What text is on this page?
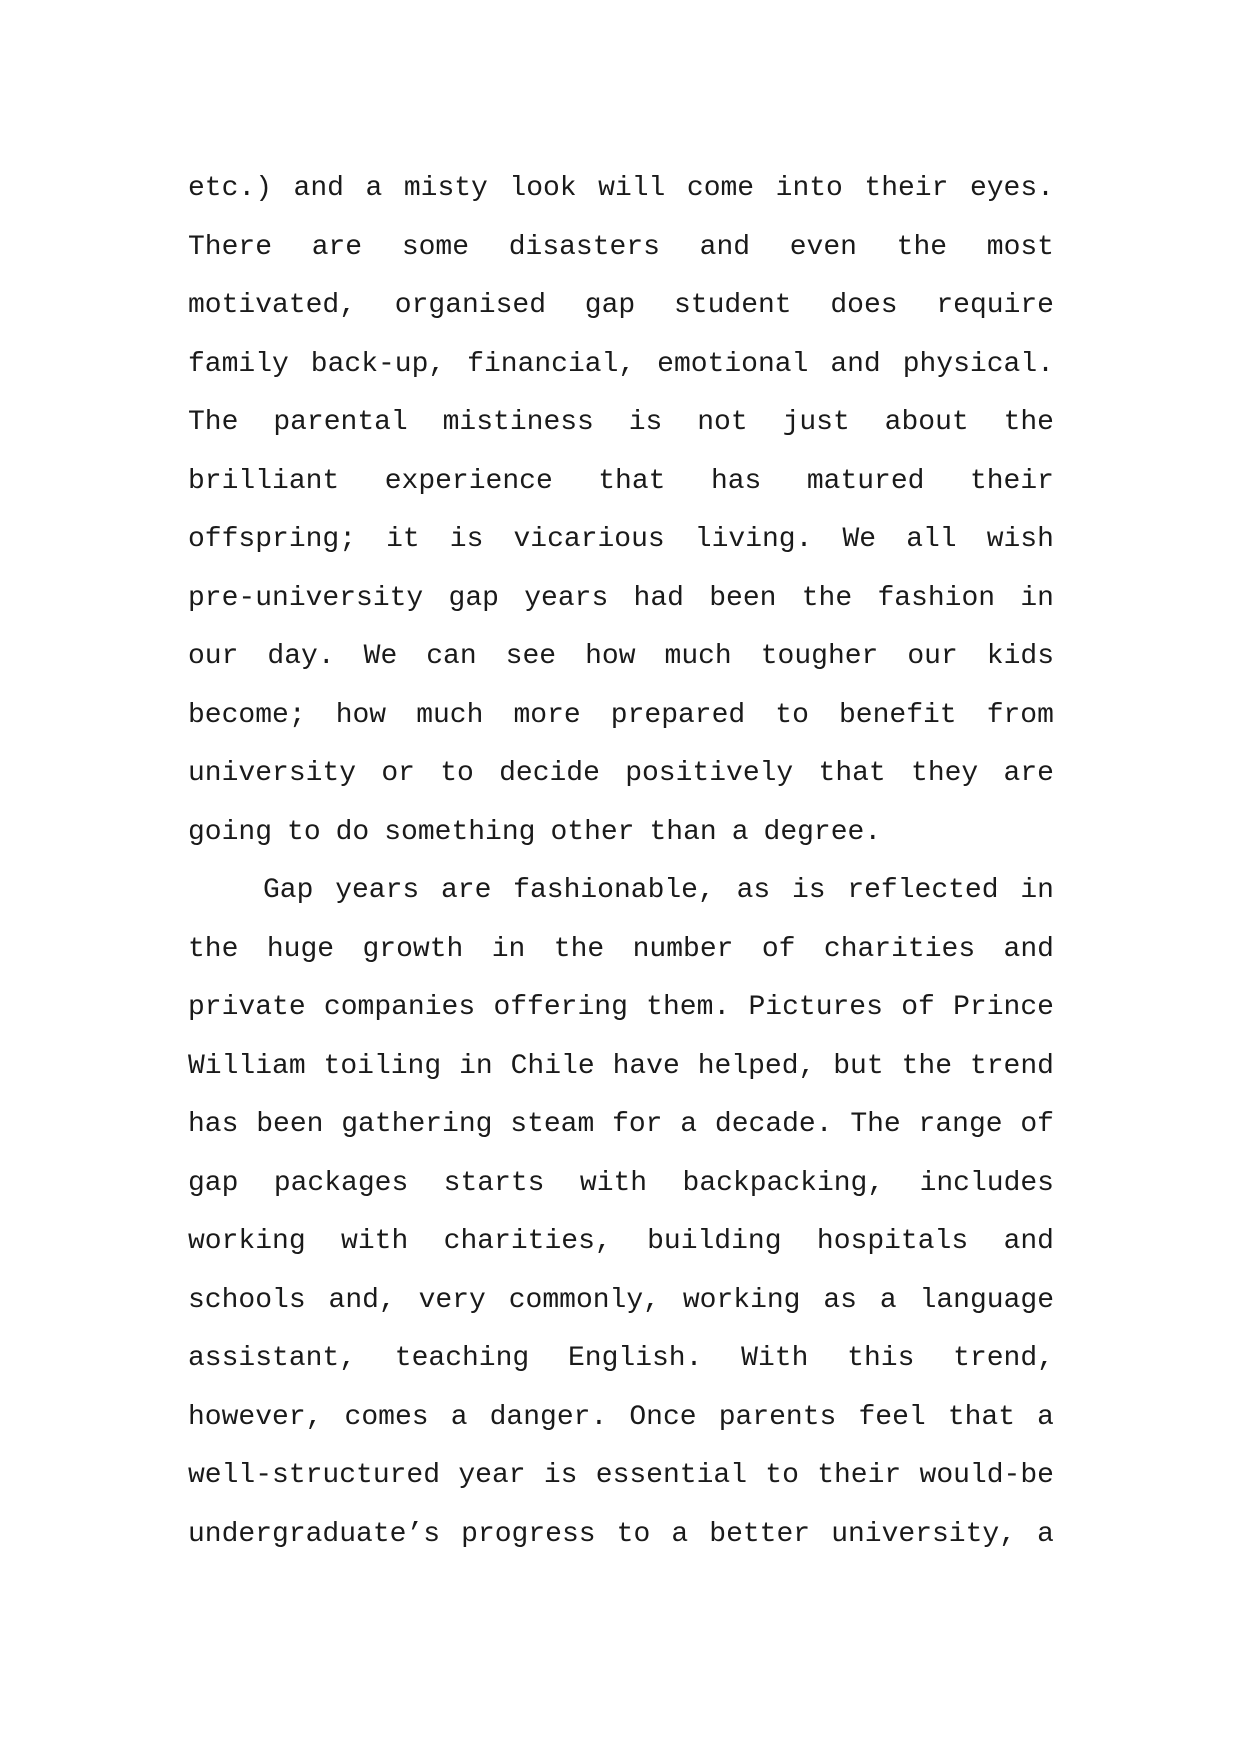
etc.) and a misty look will come into their eyes.
There are some disasters and even the most
motivated, organised gap student does require
family back-up, financial, emotional and physical.
The parental mistiness is not just about the
brilliant experience that has matured their
offspring; it is vicarious living. We all wish
pre-university gap years had been the fashion in
our day. We can see how much tougher our kids
become; how much more prepared to benefit from
university or to decide positively that they are
going to do something other than a degree.
Gap years are fashionable, as is reflected in
the huge growth in the number of charities and
private companies offering them. Pictures of Prince
William toiling in Chile have helped, but the trend
has been gathering steam for a decade. The range of
gap packages starts with backpacking, includes
working with charities, building hospitals and
schools and, very commonly, working as a language
assistant, teaching English. With this trend,
however, comes a danger. Once parents feel that a
well-structured year is essential to their would-be
undergraduate’s progress to a better university, a
